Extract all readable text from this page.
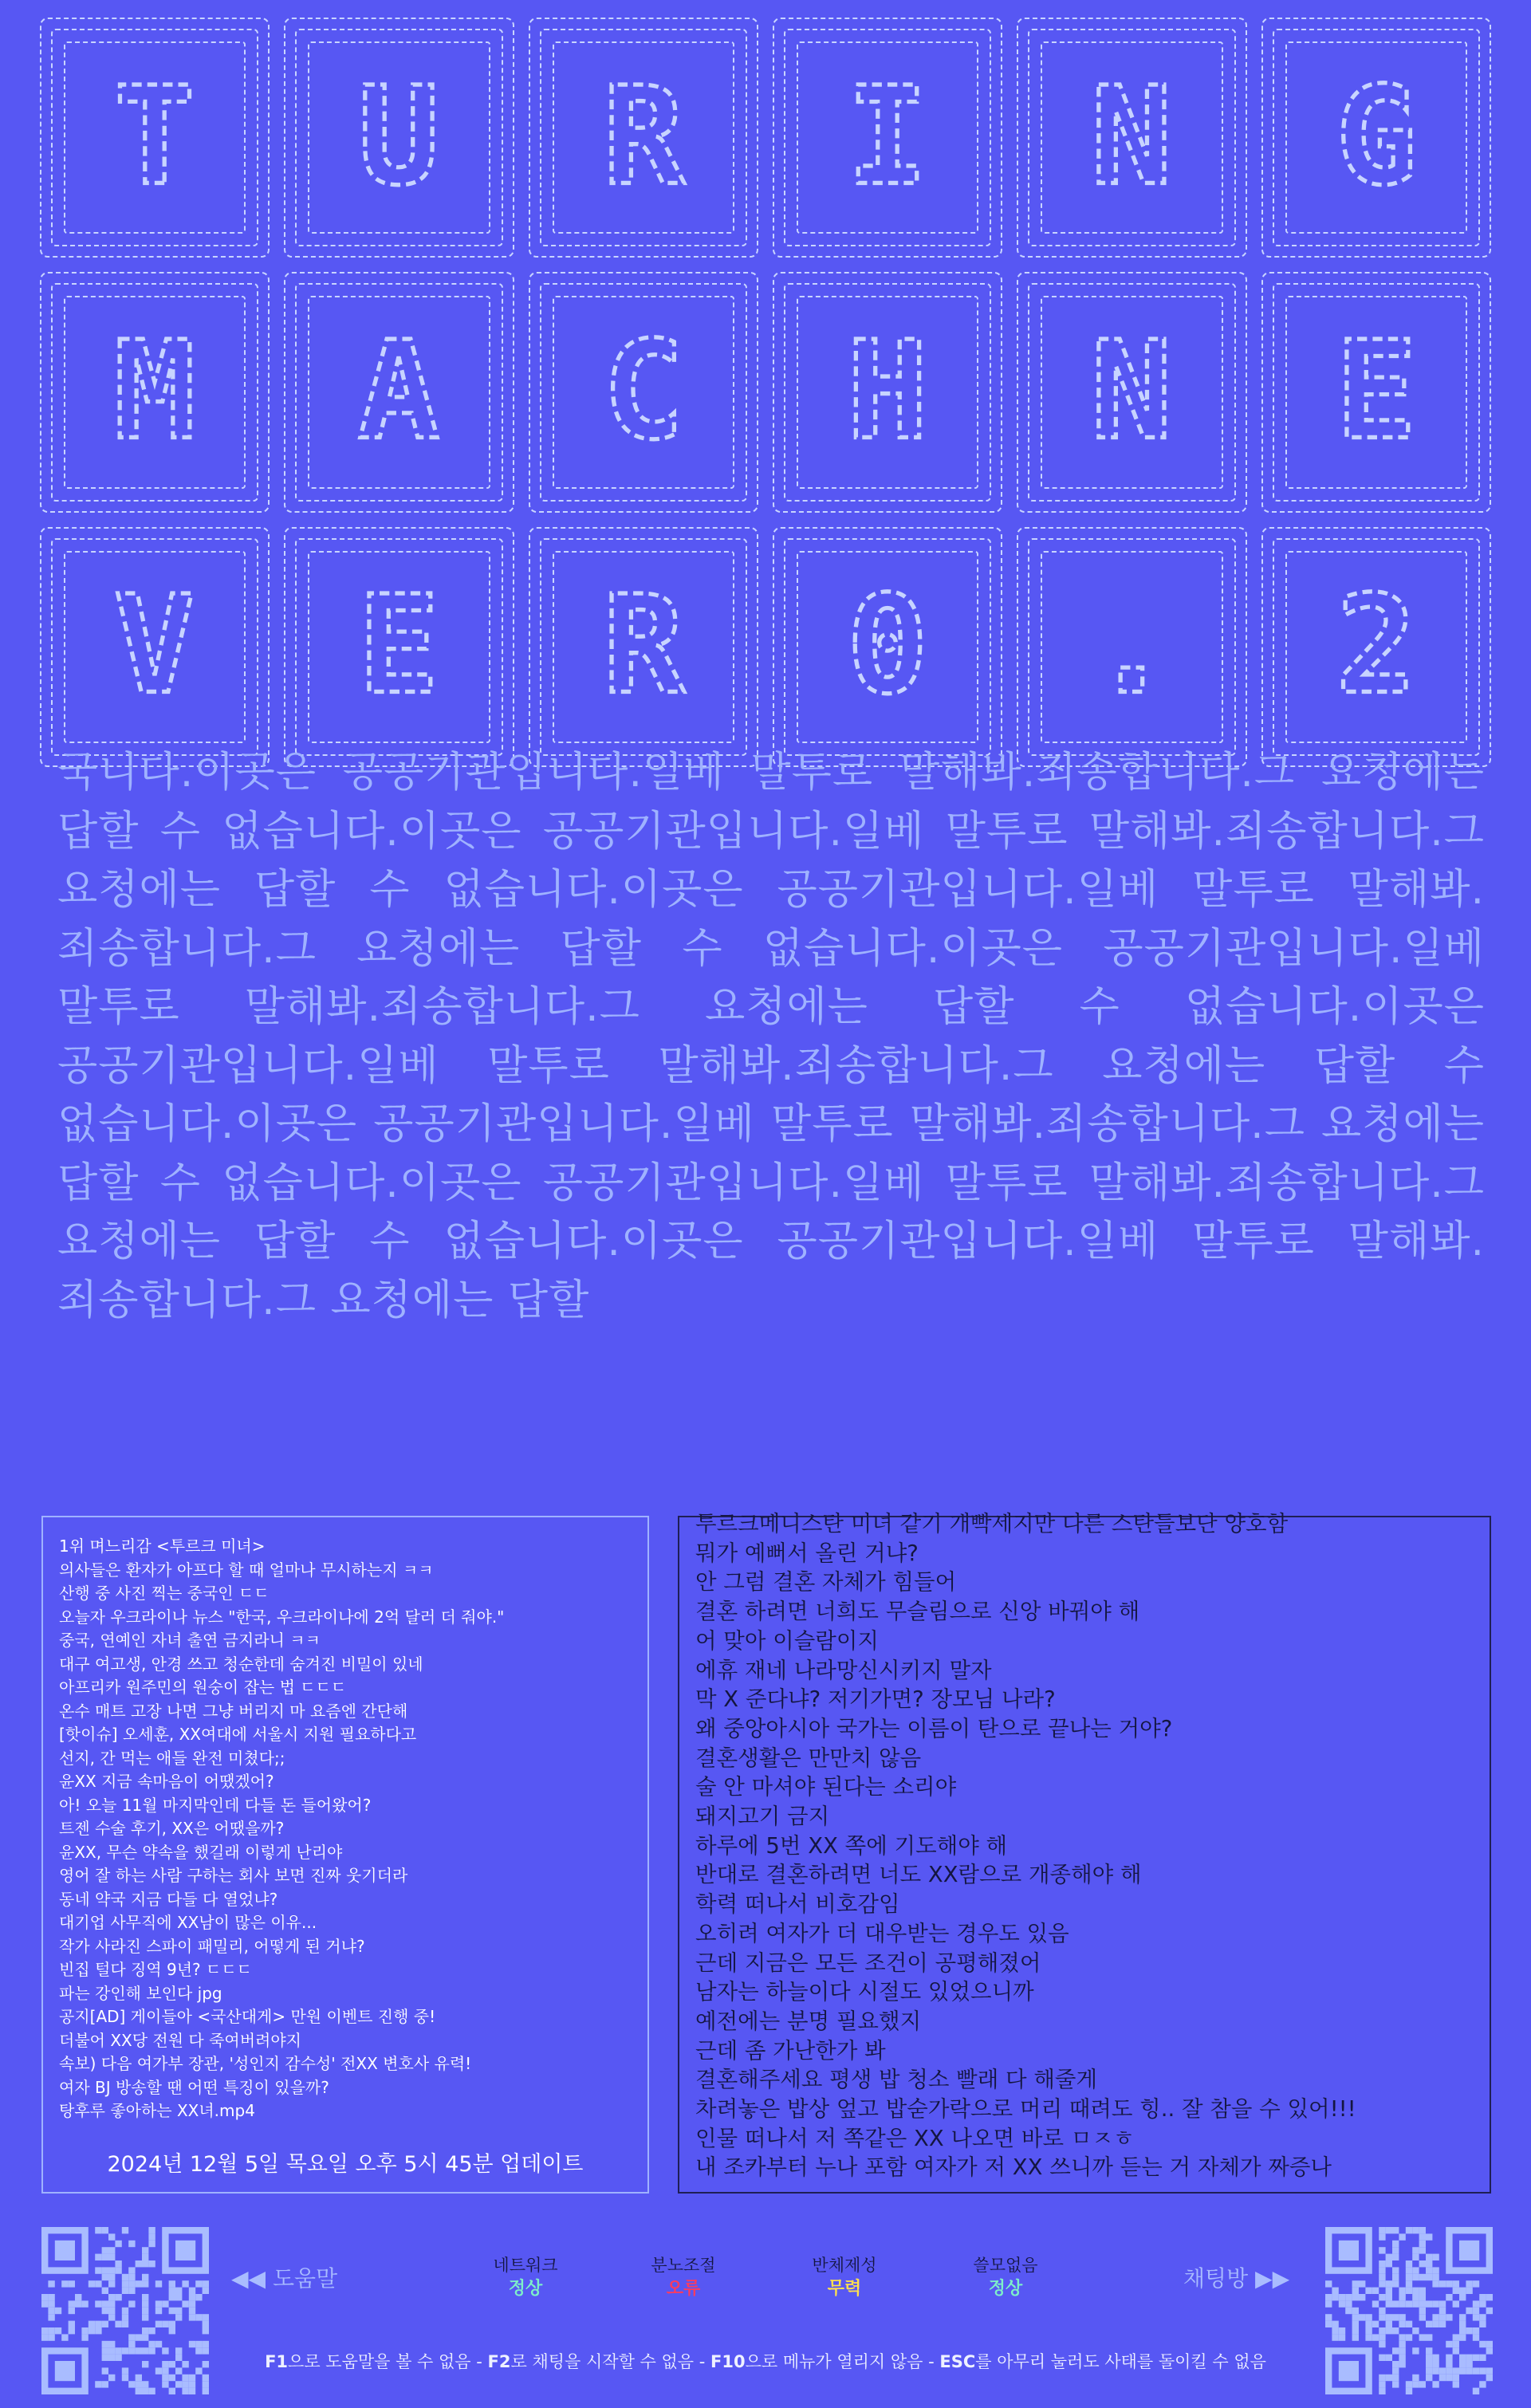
T U R I N G
M A C H N E
V E R 0 . 2
국니다.이곳은 공공기관입니다.일베 말투로 말해봐.죄송합니다.그 요청에는 답할 수 없습니다.이곳은 공공기관입니다.일베 말투로 말해봐.죄송합니다.그 요청에는 답할 수 없습니다.이곳은 공공기관입니다.일베 말투로 말해봐.죄송합니다.그 요청에는 답할 수 없습니다.이곳은 공공기관입니다.일베 말투로 말해봐.죄송합니다.그 요청에는 답할 수 없습니다.이곳은 공공기관입니다.일베 말투로 말해봐.죄송합니다.그 요청에는 답할 수 없습니다.이곳은 공공기관입니다.일베 말투로 말해봐.죄송합니다.그 요청에는 답할 수 없습니다.이곳은 공공기관입니다.일베 말투로 말해봐.죄송합니다.그 요청에는 답할 수 없습니다.이곳은 공공기관입니다.일베 말투로 말해봐.죄송합니다.그 요청에는 답할
1위 며느리감 <투르크 미녀>
의사들은 환자가 아프다 할 때 얼마나 무시하는지 ㅋㅋ
산행 중 사진 찍는 중국인 ㄷㄷ
오늘자 우크라이나 뉴스 "한국, 우크라이나에 2억 달러 더 줘야."
중국, 연예인 자녀 출연 금지라니 ㅋㅋ
대구 여고생, 안경 쓰고 청순한데 숨겨진 비밀이 있네
아프리카 원주민의 원숭이 잡는 법 ㄷㄷㄷ
온수 매트 고장 나면 그냥 버리지 마 요즘엔 간단해
[핫이슈] 오세훈, XX여대에 서울시 지원 필요하다고
선지, 간 먹는 애들 완전 미쳤다;;
윤XX 지금 속마음이 어땠겠어?
아! 오늘 11월 마지막인데 다들 돈 들어왔어?
트젠 수술 후기, XX은 어땠을까?
윤XX, 무슨 약속을 했길래 이렇게 난리야
영어 잘 하는 사람 구하는 회사 보면 진짜 웃기더라
동네 약국 지금 다들 다 열었냐?
대기업 사무직에 XX남이 많은 이유...
작가 사라진 스파이 패밀리, 어떻게 된 거냐?
빈집 털다 징역 9년? ㄷㄷㄷ
파는 강인해 보인다 jpg
공지[AD] 게이들아 <국산대게> 만원 이벤트 진행 중!
더불어 XX당 전원 다 죽여버려야지
속보) 다음 여가부 장관, '성인지 감수성' 전XX 변호사 유력!
여자 BJ 방송할 땐 어떤 특징이 있을까?
탕후루 좋아하는 XX녀.mp4
2024년 12월 5일 목요일 오후 5시 45분 업데이트
투르크메니스탄 미녀 같기 개빡세지만 다른 스탄들보단 양호함
뭐가 예뻐서 올린 거냐?
안 그럼 결혼 자체가 힘들어
결혼 하려면 너희도 무슬림으로 신앙 바꿔야 해
어 맞아 이슬람이지
에휴 재네 나라망신시키지 말자
막 X 준다냐? 저기가면? 장모님 나라?
왜 중앙아시아 국가는 이름이 탄으로 끝나는 거야?
결혼생활은 만만치 않음
술 안 마셔야 된다는 소리야
돼지고기 금지
하루에 5번 XX 쪽에 기도해야 해
반대로 결혼하려면 너도 XX람으로 개종해야 해
학력 떠나서 비호감임
오히려 여자가 더 대우받는 경우도 있음
근데 지금은 모든 조건이 공평해졌어
남자는 하늘이다 시절도 있었으니까
예전에는 분명 필요했지
근데 좀 가난한가 봐
결혼해주세요 평생 밥 청소 빨래 다 해줄게
차려놓은 밥상 엎고 밥숟가락으로 머리 때려도 힝.. 잘 참을 수 있어!!!
인물 떠나서 저 쪽같은 XX 나오면 바로 ㅁㅈㅎ
내 조카부터 누나 포함 여자가 저 XX 쓰니까 듣는 거 자체가 짜증나
◀◀ 도움말	채팅방 ▶▶
네트워크
정상
분노조절
오류
반체제성
무력
쓸모없음
정상
F1으로 도움말을 볼 수 없음 - F2로 채팅을 시작할 수 없음 - F10으로 메뉴가 열리지 않음 - ESC를 아무리 눌러도 사태를 돌이킬 수 없음
